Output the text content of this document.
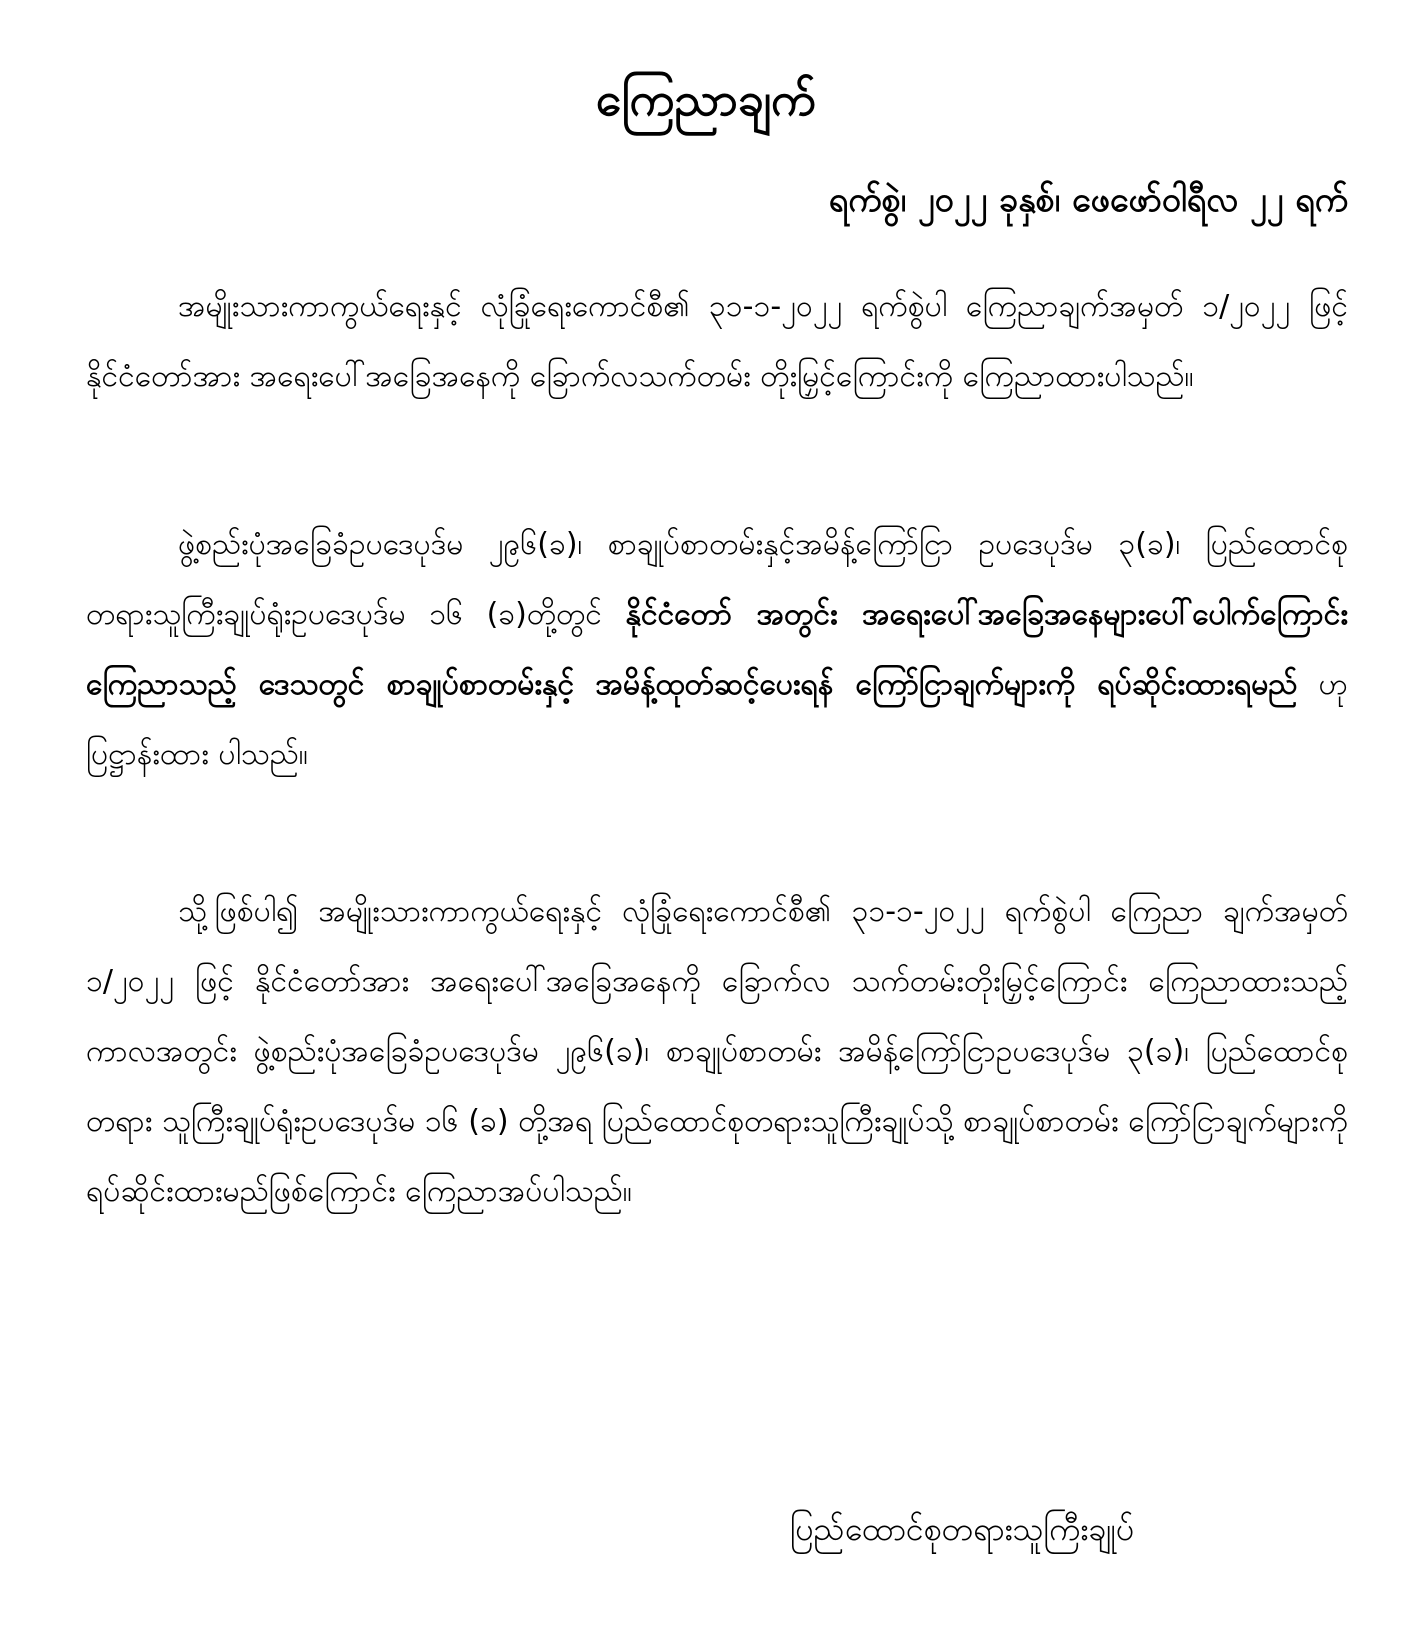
ကြေညာချက်
ရက်စွဲ၊ ၂၀၂၂ ခုနှစ်၊ ဖေဖော်ဝါရီလ ၂၂ ရက်

အမျိုးသားကာကွယ်ရေးနှင့် လုံခြုံရေးကောင်စီ၏ ၃၁-၁-၂၀၂၂ ရက်စွဲပါ ကြေညာချက်အမှတ် ၁/၂၀၂၂ ဖြင့် နိုင်ငံတော်အား အရေးပေါ်အခြေအနေကို ခြောက်လသက်တမ်း တိုးမြှင့်ကြောင်းကို ကြေညာထားပါသည်။

ဖွဲ့စည်းပုံအခြေခံဥပဒေပုဒ်မ ၂၉၆(ခ)၊ စာချုပ်စာတမ်းနှင့်အမိန့်ကြော်ငြာ ဥပဒေပုဒ်မ ၃(ခ)၊ ပြည်ထောင်စုတရားသူကြီးချုပ်ရုံးဥပဒေပုဒ်မ ၁၆ (ခ)တို့တွင် နိုင်ငံတော် အတွင်း အရေးပေါ်အခြေအနေများပေါ်ပေါက်ကြောင်း ကြေညာသည့် ဒေသတွင် စာချုပ်စာတမ်းနှင့် အမိန့်ထုတ်ဆင့်ပေးရန် ကြော်ငြာချက်များကို ရပ်ဆိုင်းထားရမည် ဟု ပြဋ္ဌာန်းထား ပါသည်။

သို့ဖြစ်ပါ၍ အမျိုးသားကာကွယ်ရေးနှင့် လုံခြုံရေးကောင်စီ၏ ၃၁-၁-၂၀၂၂ ရက်စွဲပါ ကြေညာ ချက်အမှတ် ၁/၂၀၂၂ ဖြင့် နိုင်ငံတော်အား အရေးပေါ်အခြေအနေကို ခြောက်လ သက်တမ်းတိုးမြှင့်ကြောင်း ကြေညာထားသည့် ကာလအတွင်း ဖွဲ့စည်းပုံအခြေခံဥပဒေပုဒ်မ ၂၉၆(ခ)၊ စာချုပ်စာတမ်း အမိန့်ကြော်ငြာဥပဒေပုဒ်မ ၃(ခ)၊ ပြည်ထောင်စုတရား သူကြီးချုပ်ရုံးဥပဒေပုဒ်မ ၁၆ (ခ) တို့အရ ပြည်ထောင်စုတရားသူကြီးချုပ်သို့ စာချုပ်စာတမ်း ကြော်ငြာချက်များကို ရပ်ဆိုင်းထားမည်ဖြစ်ကြောင်း ကြေညာအပ်ပါသည်။

ပြည်ထောင်စုတရားသူကြီးချုပ်
